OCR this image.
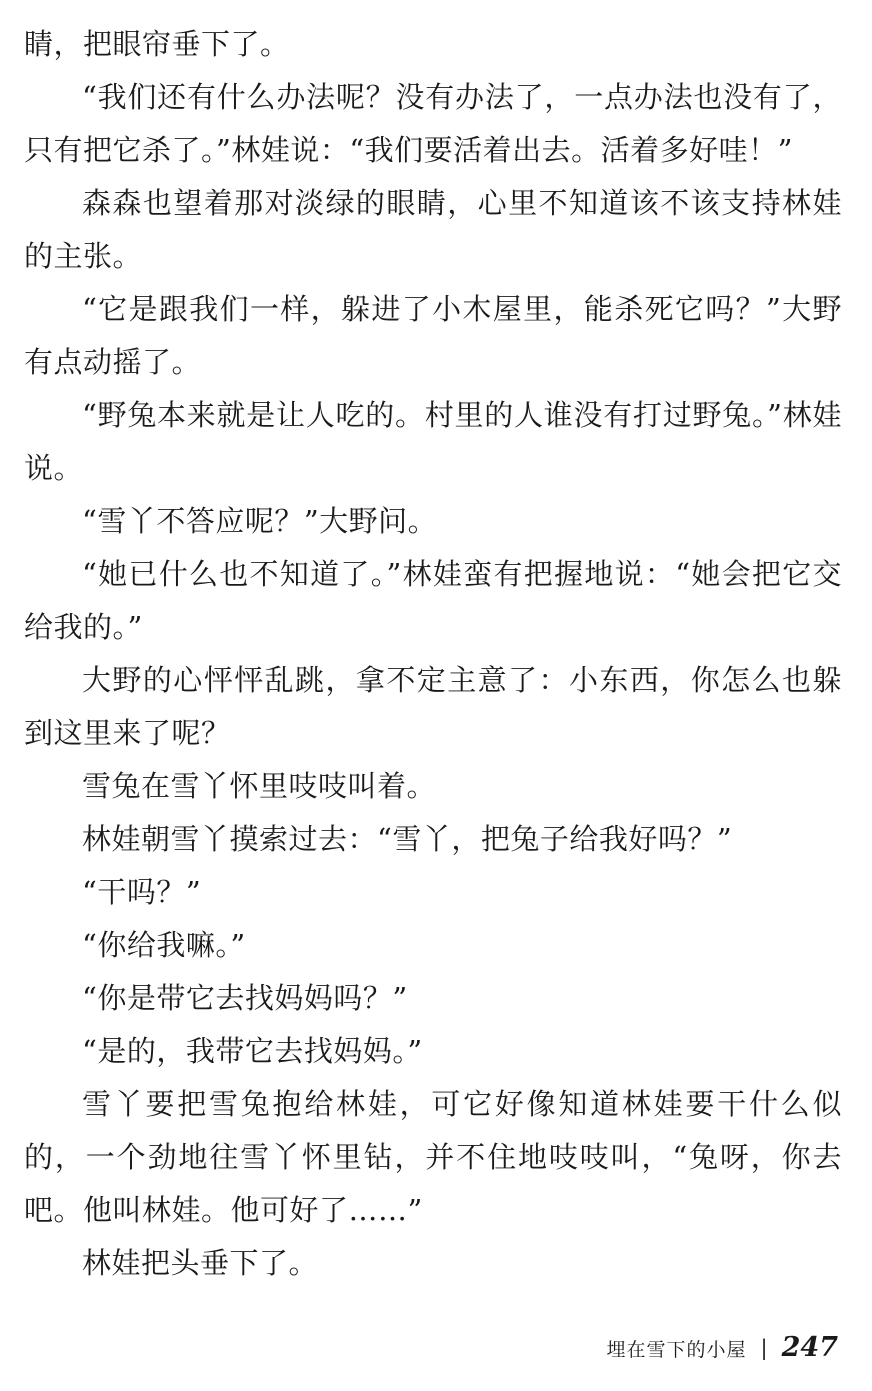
睛，把眼帘垂下了。

“我们还有什么办法呢？没有办法了，一点办法也没有了，只有把它杀了。”林娃说：“我们要活着出去。活着多好哇！”

森森也望着那对淡绿的眼睛，心里不知道该不该支持林娃的主张。

“它是跟我们一样，躲进了小木屋里，能杀死它吗？”大野有点动摇了。

“野兔本来就是让人吃的。村里的人谁没有打过野兔。”林娃说。

“雪丫不答应呢？”大野问。

“她已什么也不知道了。”林娃蛮有把握地说：“她会把它交给我的。”

大野的心怦怦乱跳，拿不定主意了：小东西，你怎么也躲到这里来了呢？

雪兔在雪丫怀里吱吱叫着。

林娃朝雪丫摸索过去：“雪丫，把兔子给我好吗？”

“干吗？”

“你给我嘛。”

“你是带它去找妈妈吗？”

“是的，我带它去找妈妈。”

雪丫要把雪兔抱给林娃，可它好像知道林娃要干什么似的，一个劲地往雪丫怀里钻，并不住地吱吱叫，“兔呀，你去吧。他叫林娃。他可好了……”

林娃把头垂下了。

埋在雪下的小屋 | 247
